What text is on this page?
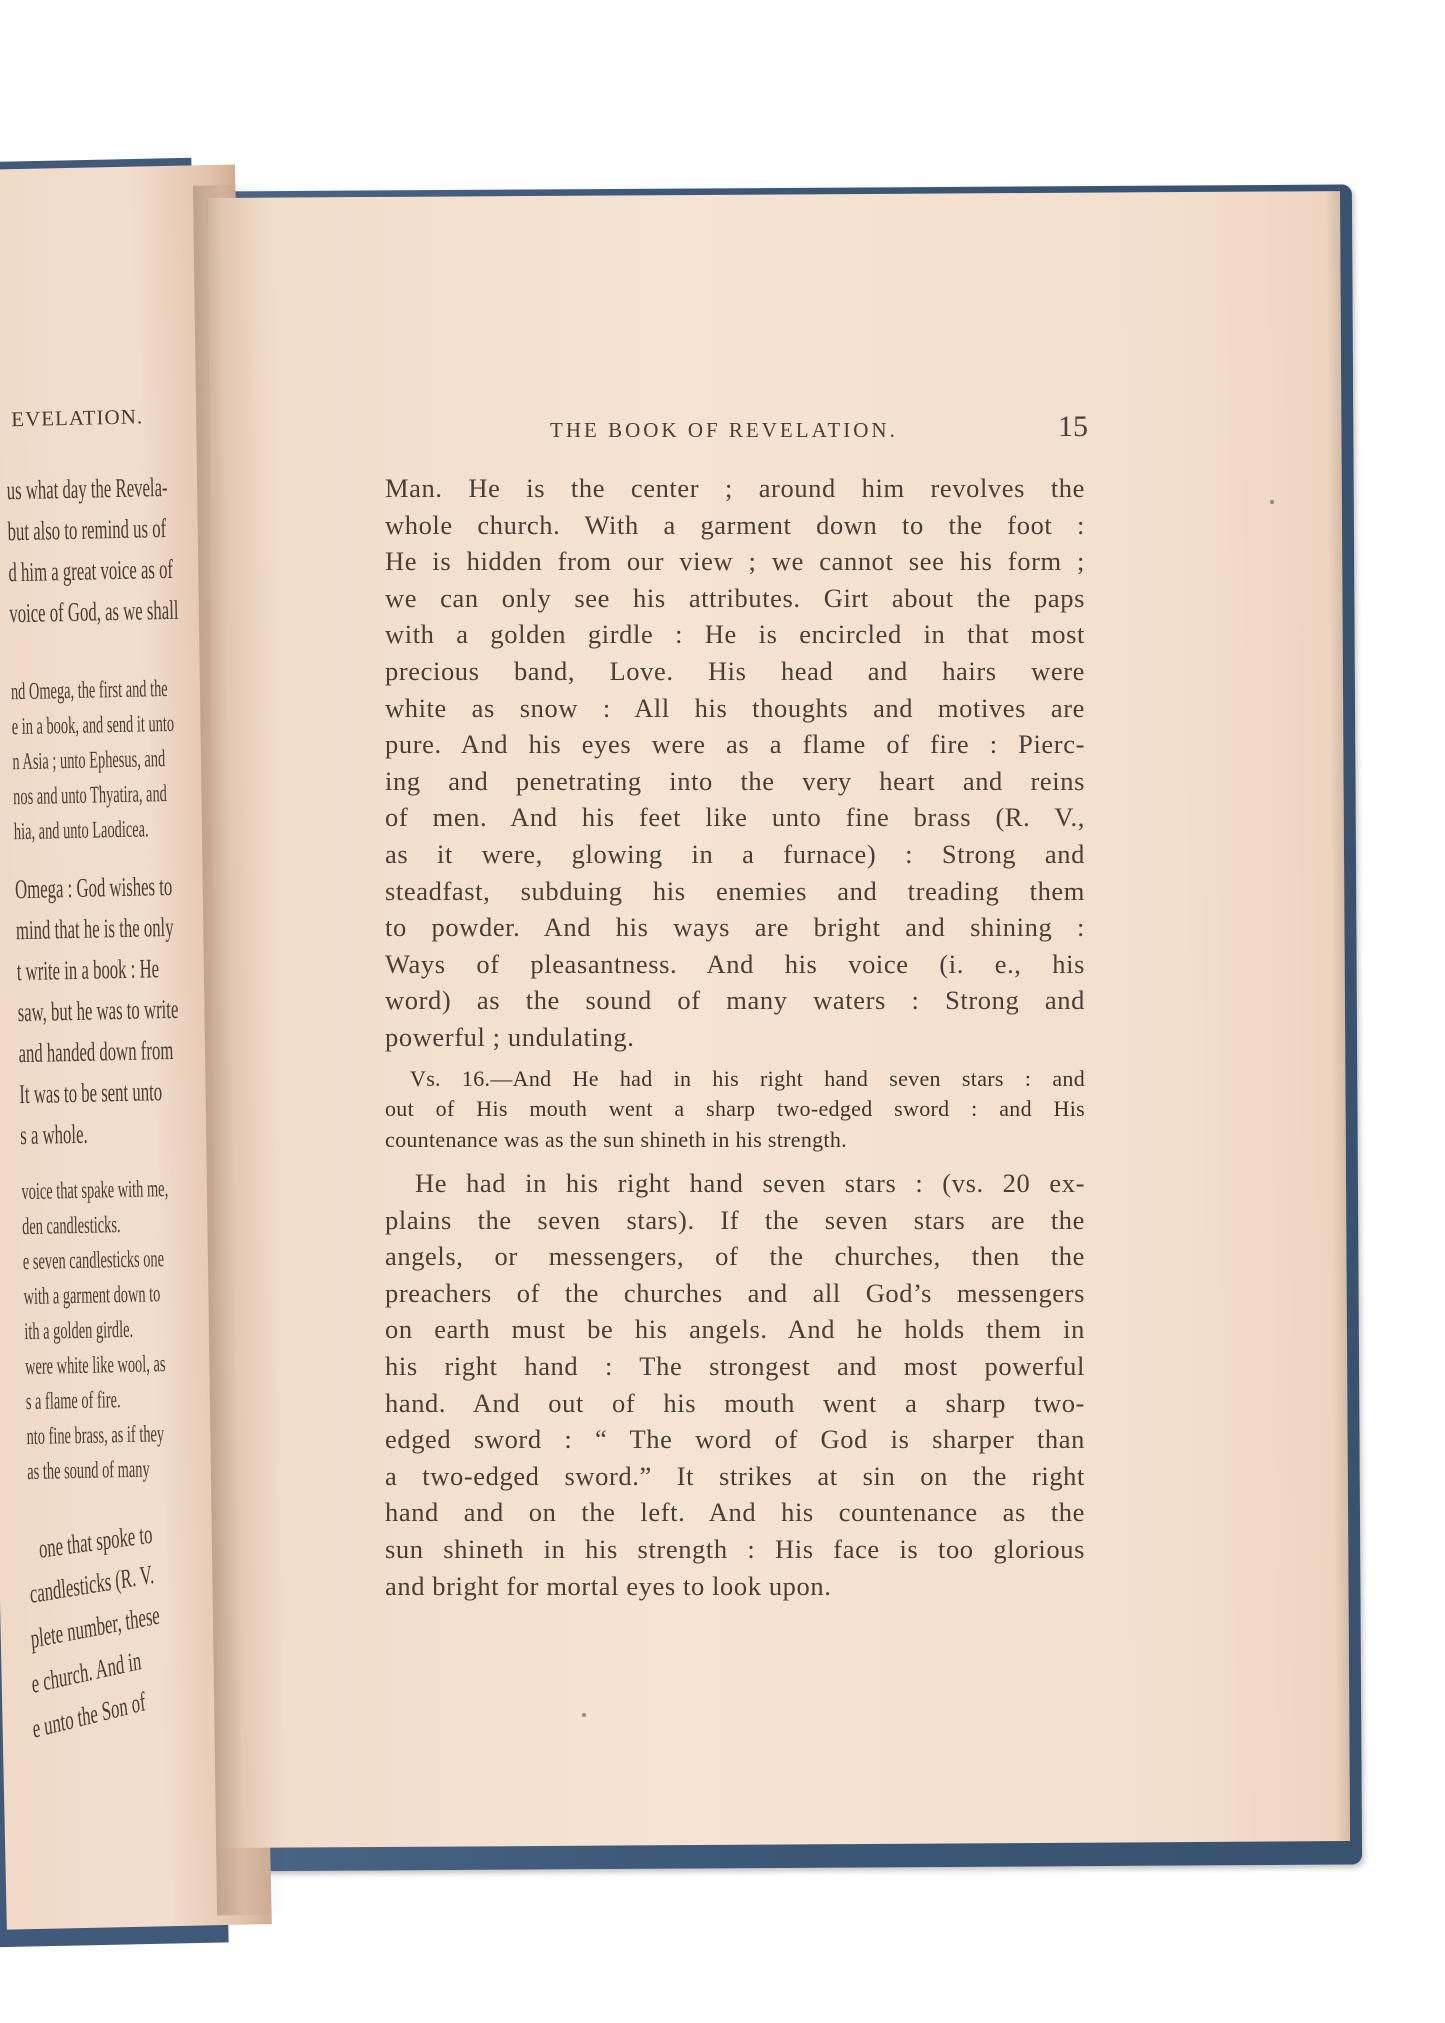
EVELATION.
us what day the Revela-
but also to remind us of
d him a great voice as of
voice of God, as we shall
nd Omega, the first and the
e in a book, and send it unto
n Asia ; unto Ephesus, and
nos and unto Thyatira, and
hia, and unto Laodicea.
Omega : God wishes to
mind that he is the only
t write in a book : He
saw, but he was to write
and handed down from
It was to be sent unto
s a whole.
voice that spake with me,
den candlesticks.
e seven candlesticks one
with a garment down to
ith a golden girdle.
were white like wool, as
s a flame of fire.
nto fine brass, as if they
as the sound of many
one that spoke to
candlesticks (R. V.
plete number, these
e church. And in
e unto the Son of
THE BOOK OF REVELATION.	15
Man. He is the center ; around him revolves the
whole church. With a garment down to the foot :
He is hidden from our view ; we cannot see his form ;
we can only see his attributes. Girt about the paps
with a golden girdle : He is encircled in that most
precious band, Love. His head and hairs were
white as snow : All his thoughts and motives are
pure. And his eyes were as a flame of fire : Pierc-
ing and penetrating into the very heart and reins
of men. And his feet like unto fine brass (R. V.,
as it were, glowing in a furnace) : Strong and
steadfast, subduing his enemies and treading them
to powder. And his ways are bright and shining :
Ways of pleasantness. And his voice (i. e., his
word) as the sound of many waters : Strong and
powerful ; undulating.
Vs. 16.—And He had in his right hand seven stars : and
out of His mouth went a sharp two-edged sword : and His
countenance was as the sun shineth in his strength.
He had in his right hand seven stars : (vs. 20 ex-
plains the seven stars). If the seven stars are the
angels, or messengers, of the churches, then the
preachers of the churches and all God’s messengers
on earth must be his angels. And he holds them in
his right hand : The strongest and most powerful
hand. And out of his mouth went a sharp two-
edged sword : “ The word of God is sharper than
a two-edged sword.” It strikes at sin on the right
hand and on the left. And his countenance as the
sun shineth in his strength : His face is too glorious
and bright for mortal eyes to look upon.
